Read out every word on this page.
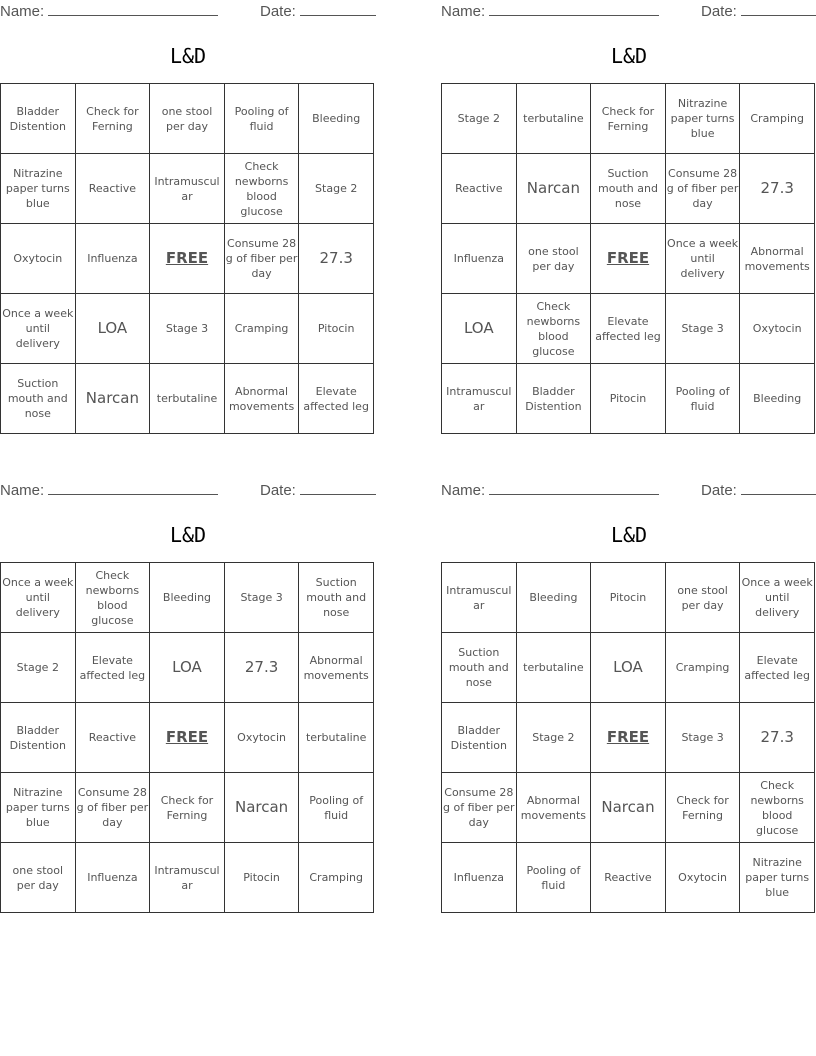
Name:	Date:
L&D
Bladder Distention	Check for Ferning	one stool per day	Pooling of fluid	Bleeding
Nitrazine paper turns blue	Reactive	Intramuscular	Check newborns blood glucose	Stage 2
Oxytocin	Influenza	FREE	Consume 28 g of fiber per day	27.3
Once a week until delivery	LOA	Stage 3	Cramping	Pitocin
Suction mouth and nose	Narcan	terbutaline	Abnormal movements	Elevate affected leg
Name:	Date:
L&D
Stage 2	terbutaline	Check for Ferning	Nitrazine paper turns blue	Cramping
Reactive	Narcan	Suction mouth and nose	Consume 28 g of fiber per day	27.3
Influenza	one stool per day	FREE	Once a week until delivery	Abnormal movements
LOA	Check newborns blood glucose	Elevate affected leg	Stage 3	Oxytocin
Intramuscular	Bladder Distention	Pitocin	Pooling of fluid	Bleeding
Name:	Date:
L&D
Once a week until delivery	Check newborns blood glucose	Bleeding	Stage 3	Suction mouth and nose
Stage 2	Elevate affected leg	LOA	27.3	Abnormal movements
Bladder Distention	Reactive	FREE	Oxytocin	terbutaline
Nitrazine paper turns blue	Consume 28 g of fiber per day	Check for Ferning	Narcan	Pooling of fluid
one stool per day	Influenza	Intramuscular	Pitocin	Cramping
Name:	Date:
L&D
Intramuscular	Bleeding	Pitocin	one stool per day	Once a week until delivery
Suction mouth and nose	terbutaline	LOA	Cramping	Elevate affected leg
Bladder Distention	Stage 2	FREE	Stage 3	27.3
Consume 28 g of fiber per day	Abnormal movements	Narcan	Check for Ferning	Check newborns blood glucose
Influenza	Pooling of fluid	Reactive	Oxytocin	Nitrazine paper turns blue
